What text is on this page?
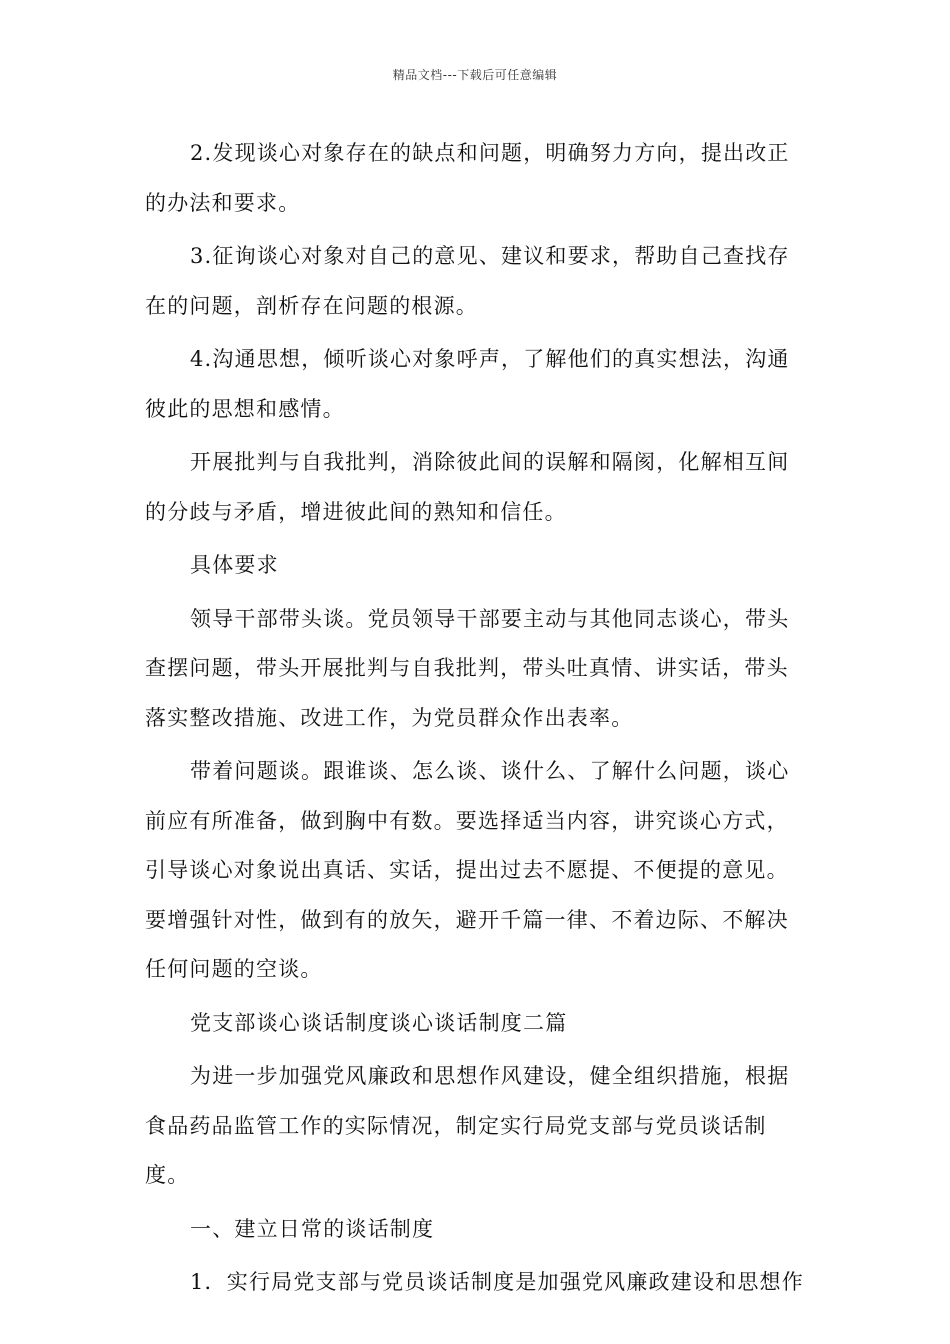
精品文档---下载后可任意编辑

2.发现谈心对象存在的缺点和问题，明确努力方向，提出改正的办法和要求。

3.征询谈心对象对自己的意见、建议和要求，帮助自己查找存在的问题，剖析存在问题的根源。

4.沟通思想，倾听谈心对象呼声，了解他们的真实想法，沟通彼此的思想和感情。

开展批判与自我批判，消除彼此间的误解和隔阂，化解相互间的分歧与矛盾，增进彼此间的熟知和信任。

具体要求

领导干部带头谈。党员领导干部要主动与其他同志谈心，带头查摆问题，带头开展批判与自我批判，带头吐真情、讲实话，带头落实整改措施、改进工作，为党员群众作出表率。

带着问题谈。跟谁谈、怎么谈、谈什么、了解什么问题，谈心前应有所准备，做到胸中有数。要选择适当内容，讲究谈心方式，引导谈心对象说出真话、实话，提出过去不愿提、不便提的意见。要增强针对性，做到有的放矢，避开千篇一律、不着边际、不解决任何问题的空谈。

党支部谈心谈话制度谈心谈话制度二篇

为进一步加强党风廉政和思想作风建设，健全组织措施，根据食品药品监管工作的实际情况，制定实行局党支部与党员谈话制度。

一、建立日常的谈话制度

1．实行局党支部与党员谈话制度是加强党风廉政建设和思想作
